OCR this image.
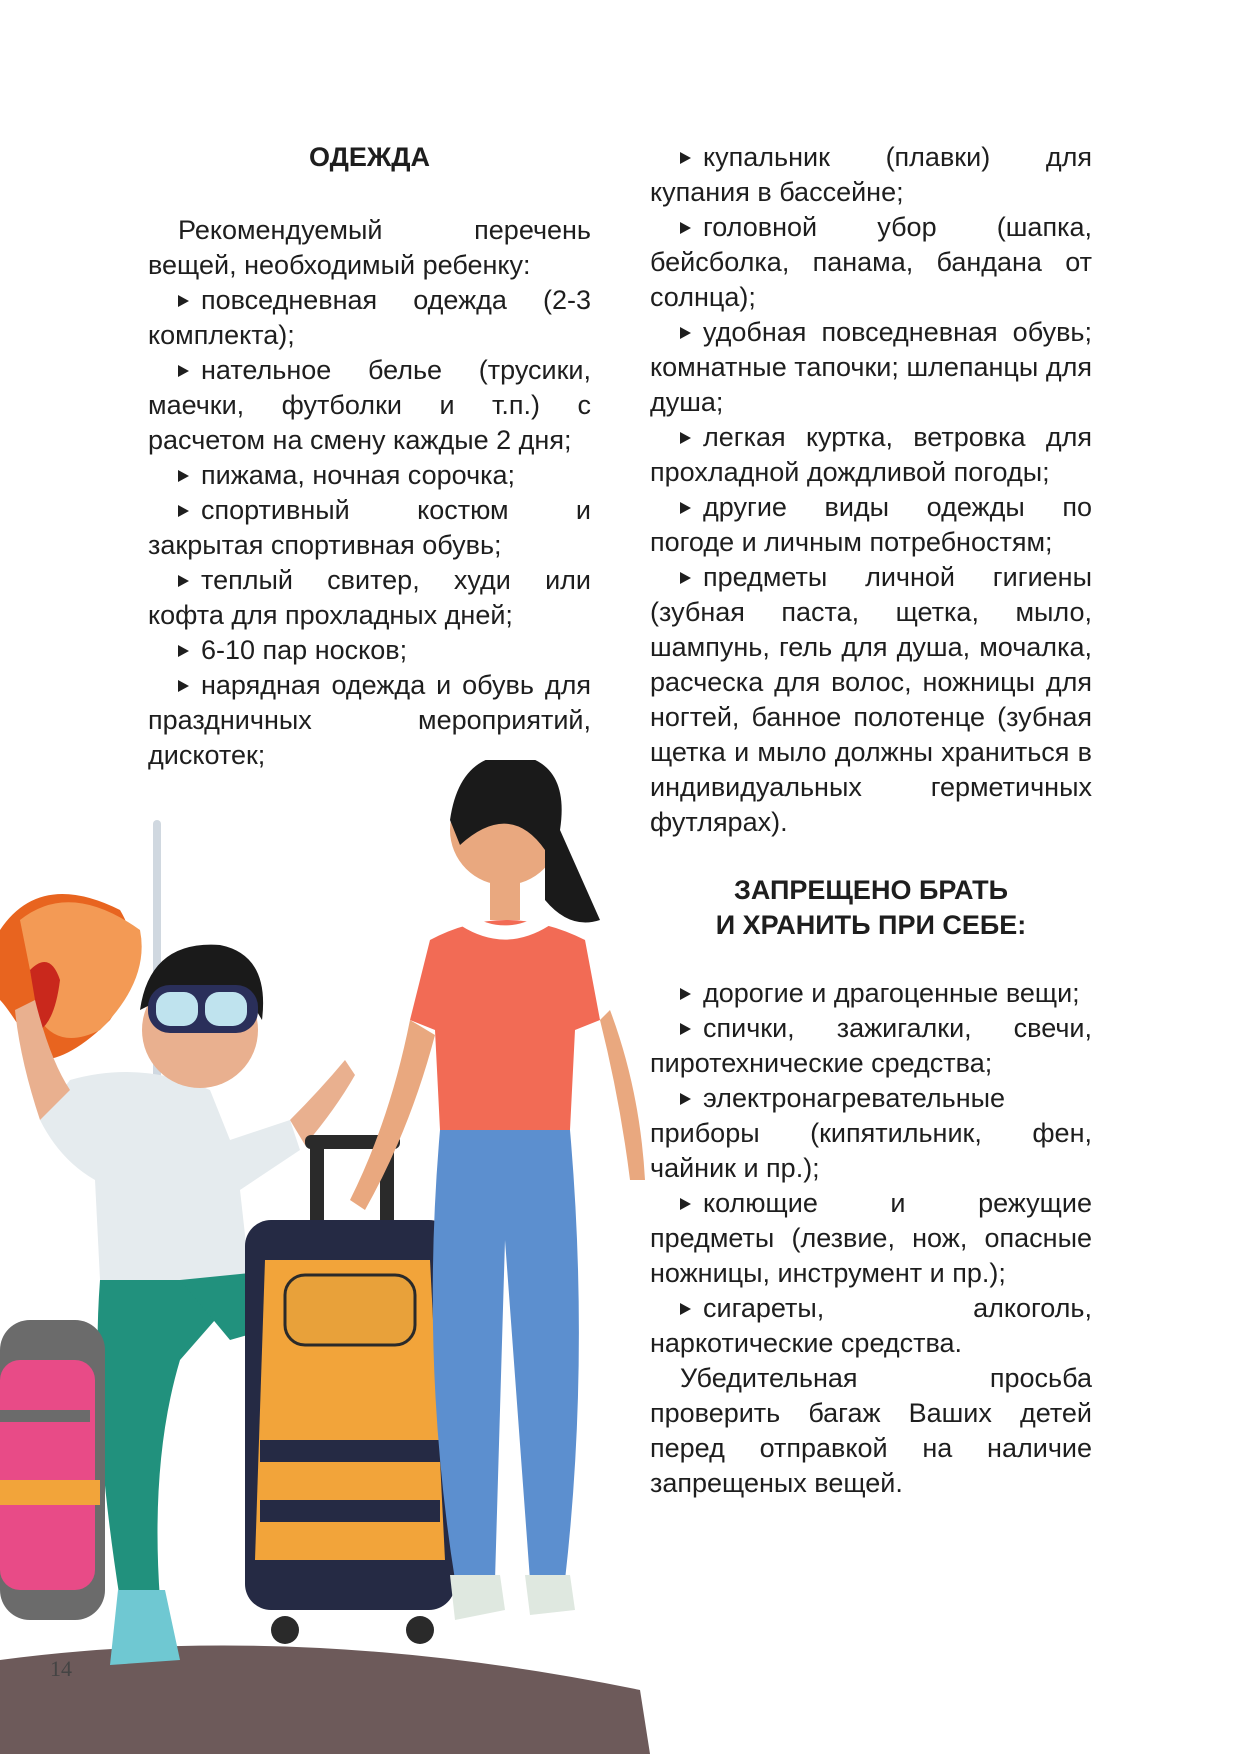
ОДЕЖДА

Рекомендуемый перечень вещей, необходимый ребенку:

повседневная одежда (2-3 комплекта);

нательное белье (трусики, маечки, футболки и т.п.) с расчетом на смену каждые 2 дня;

пижама, ночная сорочка;

спортивный костюм и закрытая спортивная обувь;

теплый свитер, худи или кофта для прохладных дней;

6-10 пар носков;

нарядная одежда и обувь для праздничных мероприятий, дискотек;

купальник (плавки) для купания в бассейне;

головной убор (шапка, бейсболка, панама, бандана от солнца);

удобная повседневная обувь; комнатные тапочки; шлепанцы для душа;

легкая куртка, ветровка для прохладной дождливой погоды;

другие виды одежды по погоде и личным потребностям;

предметы личной гигиены (зубная паста, щетка, мыло, шампунь, гель для душа, мочалка, расческа для волос, ножницы для ногтей, банное полотенце (зубная щетка и мыло должны храниться в индивидуальных герметичных футлярах).

ЗАПРЕЩЕНО БРАТЬ
И ХРАНИТЬ ПРИ СЕБЕ:

дорогие и драгоценные вещи;

спички, зажигалки, свечи, пиротехнические средства;

электронагревательные приборы (кипятильник, фен, чайник и пр.);

колющие и режущие предметы (лезвие, нож, опасные ножницы, инструмент и пр.);

сигареты, алкоголь, наркотические средства.

Убедительная просьба проверить багаж Ваших детей перед отправкой на наличие запрещеных вещей.

14
